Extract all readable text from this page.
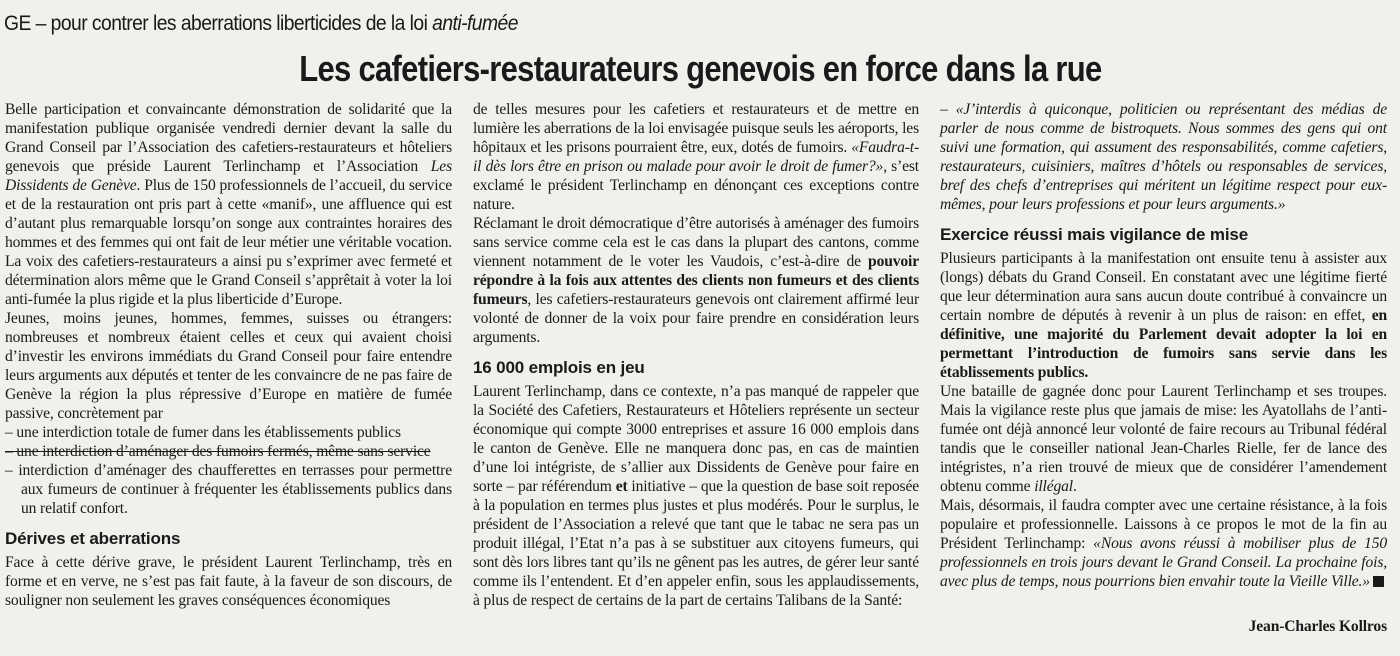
GE – pour contrer les aberrations liberticides de la loi anti-fumée
Les cafetiers-restaurateurs genevois en force dans la rue

Belle participation et convaincante démonstration de solidarité que la manifestation publique organisée vendredi dernier devant la salle du Grand Conseil par l’Association des cafetiers-restaurateurs et hôteliers genevois que préside Laurent Terlinchamp et l’Association Les Dissidents de Genève. Plus de 150 professionnels de l’accueil, du service et de la restauration ont pris part à cette «manif», une affluence qui est d’autant plus remarquable lorsqu’on songe aux contraintes horaires des hommes et des femmes qui ont fait de leur métier une véritable vocation. La voix des cafetiers-restaurateurs a ainsi pu s’exprimer avec fermeté et détermination alors même que le Grand Conseil s’apprêtait à voter la loi anti-fumée la plus rigide et la plus liberticide d’Europe.

Jeunes, moins jeunes, hommes, femmes, suisses ou étrangers: nombreuses et nombreux étaient celles et ceux qui avaient choisi d’investir les environs immédiats du Grand Conseil pour faire entendre leurs arguments aux députés et tenter de les convaincre de ne pas faire de Genève la région la plus répressive d’Europe en matière de fumée passive, concrètement par

– une interdiction totale de fumer dans les établissements publics

– une interdiction d’aménager des fumoirs fermés, même sans service

– interdiction d’aménager des chaufferettes en terrasses pour permettre aux fumeurs de continuer à fréquenter les établissements publics dans un relatif confort.

Dérives et aberrations

Face à cette dérive grave, le président Laurent Terlinchamp, très en forme et en verve, ne s’est pas fait faute, à la faveur de son discours, de souligner non seulement les graves conséquences économiques

de telles mesures pour les cafetiers et restaurateurs et de mettre en lumière les aberrations de la loi envisagée puisque seuls les aéroports, les hôpitaux et les prisons pourraient être, eux, dotés de fumoirs. «Faudra-t-il dès lors être en prison ou malade pour avoir le droit de fumer?», s’est exclamé le président Terlinchamp en dénonçant ces exceptions contre nature.

Réclamant le droit démocratique d’être autorisés à aménager des fumoirs sans service comme cela est le cas dans la plupart des cantons, comme viennent notamment de le voter les Vaudois, c’est-à-dire de pouvoir répondre à la fois aux attentes des clients non fumeurs et des clients fumeurs, les cafetiers-restaurateurs genevois ont clairement affirmé leur volonté de donner de la voix pour faire prendre en considération leurs arguments.

16 000 emplois en jeu

Laurent Terlinchamp, dans ce contexte, n’a pas manqué de rappeler que la Société des Cafetiers, Restaurateurs et Hôteliers représente un secteur économique qui compte 3000 entreprises et assure 16 000 emplois dans le canton de Genève. Elle ne manquera donc pas, en cas de maintien d’une loi intégriste, de s’allier aux Dissidents de Genève pour faire en sorte – par référendum et initiative – que la question de base soit reposée à la population en termes plus justes et plus modérés. Pour le surplus, le président de l’Association a relevé que tant que le tabac ne sera pas un produit illégal, l’Etat n’a pas à se substituer aux citoyens fumeurs, qui sont dès lors libres tant qu’ils ne gênent pas les autres, de gérer leur santé comme ils l’entendent. Et d’en appeler enfin, sous les applaudissements, à plus de respect de certains de la part de certains Talibans de la Santé:

– «J’interdis à quiconque, politicien ou représentant des médias de parler de nous comme de bistroquets. Nous sommes des gens qui ont suivi une formation, qui assument des responsabilités, comme cafetiers, restaurateurs, cuisiniers, maîtres d’hôtels ou responsables de services, bref des chefs d’entreprises qui méritent un légitime respect pour eux-mêmes, pour leurs professions et pour leurs arguments.»

Exercice réussi mais vigilance de mise

Plusieurs participants à la manifestation ont ensuite tenu à assister aux (longs) débats du Grand Conseil. En constatant avec une légitime fierté que leur détermination aura sans aucun doute contribué à convaincre un certain nombre de députés à revenir à un plus de raison: en effet, en définitive, une majorité du Parlement devait adopter la loi en permettant l’introduction de fumoirs sans servie dans les établissements publics.

Une bataille de gagnée donc pour Laurent Terlinchamp et ses troupes. Mais la vigilance reste plus que jamais de mise: les Ayatollahs de l’anti-fumée ont déjà annoncé leur volonté de faire recours au Tribunal fédéral tandis que le conseiller national Jean-Charles Rielle, fer de lance des intégristes, n’a rien trouvé de mieux que de considérer l’amendement obtenu comme illégal.

Mais, désormais, il faudra compter avec une certaine résistance, à la fois populaire et professionnelle. Laissons à ce propos le mot de la fin au Président Terlinchamp: «Nous avons réussi à mobiliser plus de 150 professionnels en trois jours devant le Grand Conseil. La prochaine fois, avec plus de temps, nous pourrions bien envahir toute la Vieille Ville.»

Jean-Charles Kollros
